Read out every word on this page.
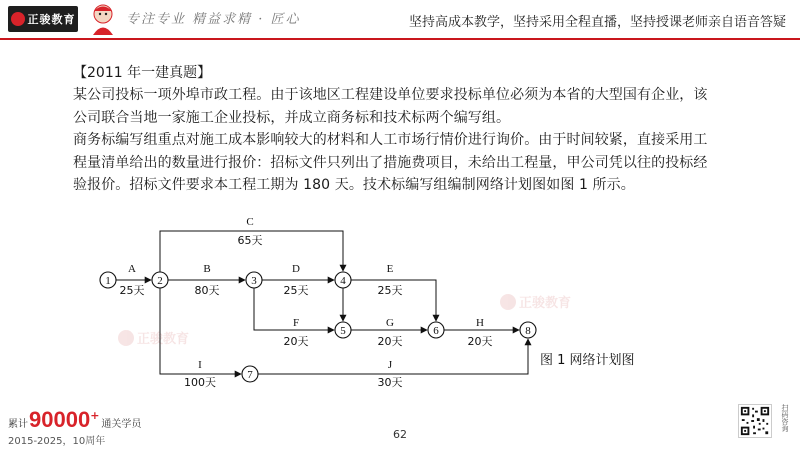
正骏教育	专注专业 精益求精 · 匠心	坚持高成本教学，坚持采用全程直播，坚持授课老师亲自语音答疑
正骏教育
正骏教育
【2011 年一建真题】

某公司投标一项外埠市政工程。由于该地区工程建设单位要求投标单位必须为本省的大型国有企业，该公司联合当地一家施工企业投标，并成立商务标和技术标两个编写组。

商务标编写组重点对施工成本影响较大的材料和人工市场行情价进行询价。由于时间较紧，直接采用工程量清单给出的数量进行报价：招标文件只列出了措施费项目，未给出工程量，甲公司凭以往的投标经验报价。招标文件要求本工程工期为 180 天。技术标编写组编制网络计划图如图 1 所示。

A
25天
B
80天
C
65天
D
25天
E
25天
F
20天
G
20天
H
20天
I
100天
J
30天
1	2	3	4
5	6
7
8
图 1 网络计划图
累计 90000 +
通关学员
2015-2025，10周年
62
扫码咨询
